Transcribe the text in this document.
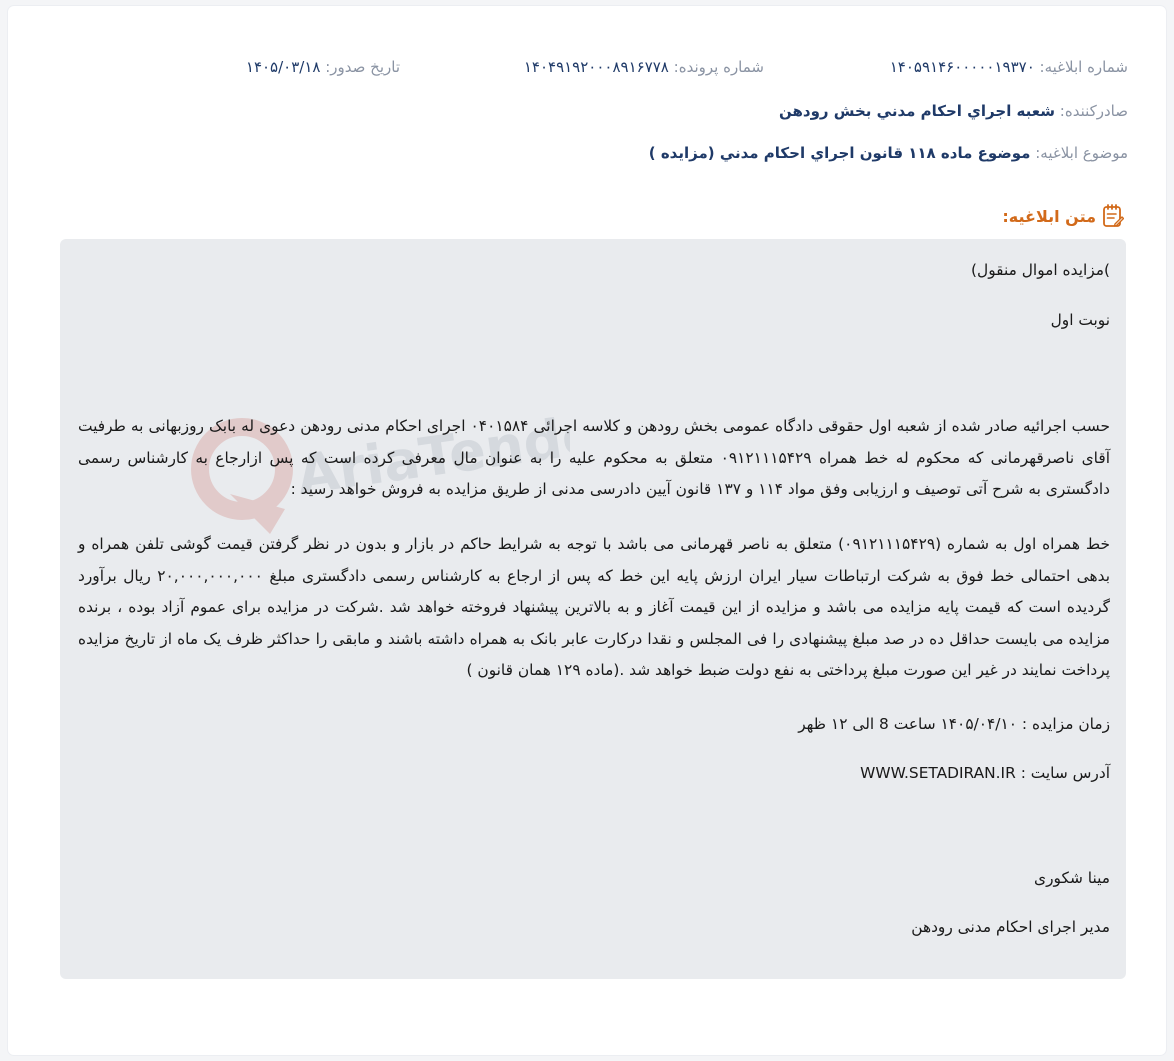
شماره ابلاغیه: ۱۴۰۵۹۱۴۶۰۰۰۰۰۱۹۳۷۰
شماره پرونده: ۱۴۰۴۹۱۹۲۰۰۰۸۹۱۶۷۷۸
تاریخ صدور: ۱۴۰۵/۰۳/۱۸
صادرکننده: شعبه اجراي احكام مدني بخش رودهن
موضوع ابلاغیه: موضوع ماده ۱۱۸ قانون اجراي احكام مدني (مزايده )
متن ابلاغیه:
AriaTender.net
)مزایده اموال منقول)
نوبت اول
حسب اجرائیه صادر شده از شعبه اول حقوقی دادگاه عمومی بخش رودهن و کلاسه اجرائی ۰۴۰۱۵۸۴ اجرای احکام مدنی رودهن دعوی له بابک روزبهانی به طرفیت آقای ناصرقهرمانی که محکوم له خط همراه ۰۹۱۲۱۱۱۵۴۲۹ متعلق به محکوم علیه را به عنوان مال معرفی کرده است که پس ازارجاع به کارشناس رسمی دادگستری به شرح آتی توصیف و ارزیابی وفق مواد ۱۱۴ و ۱۳۷ قانون آیین دادرسی مدنی از طریق مزایده به فروش خواهد رسید :
خط همراه اول به شماره (۰۹۱۲۱۱۱۵۴۲۹) متعلق به ناصر قهرمانی می باشد با توجه به شرایط حاکم در بازار و بدون در نظر گرفتن قیمت گوشی تلفن همراه و بدهی احتمالی خط فوق به شرکت ارتباطات سیار ایران ارزش پایه این خط که پس از ارجاع به کارشناس رسمی دادگستری مبلغ ۲۰,۰۰۰,۰۰۰,۰۰۰ ریال برآورد گردیده است که قیمت پایه مزایده می باشد و مزایده از این قیمت آغاز و به بالاترین پیشنهاد فروخته خواهد شد .شرکت در مزایده برای عموم آزاد بوده ، برنده مزایده می بایست حداقل ده در صد مبلغ پیشنهادی را فی المجلس و نقدا درکارت عابر بانک به همراه داشته باشند و مابقی را حداکثر ظرف یک ماه از تاریخ مزایده پرداخت نمایند در غیر این صورت مبلغ پرداختی به نفع دولت ضبط خواهد شد .(ماده ۱۲۹ همان قانون )
زمان مزایده : ۱۴۰۵/۰۴/۱۰ ساعت 8 الی ۱۲ ظهر
آدرس سایت : WWW.SETADIRAN.IR
مینا شکوری
مدیر اجرای احکام مدنی رودهن
